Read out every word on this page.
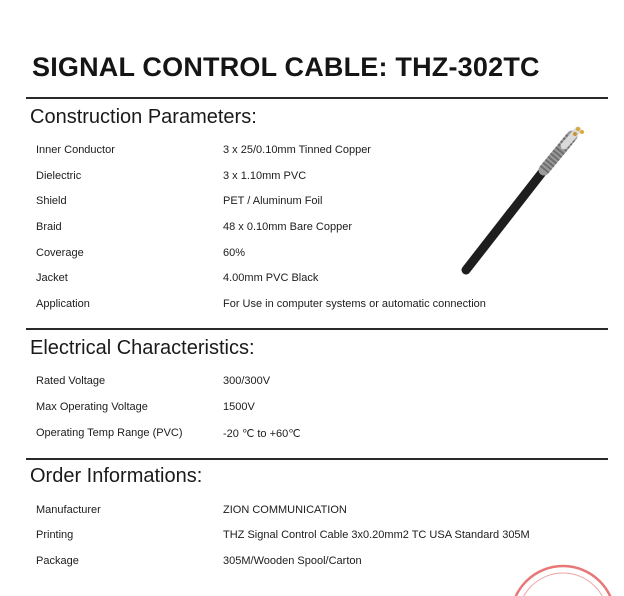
SIGNAL CONTROL CABLE: THZ-302TC
Construction Parameters:
Inner Conductor	3 x 25/0.10mm Tinned Copper
Dielectric	3 x 1.10mm PVC
Shield	PET / Aluminum Foil
Braid	48 x 0.10mm Bare Copper
Coverage	60%
Jacket	4.00mm PVC Black
Application	For Use in computer systems or automatic connection
Electrical Characteristics:
Rated Voltage	300/300V
Max Operating Voltage	1500V
Operating Temp Range (PVC)	-20 ℃ to +60℃
Order Informations:
Manufacturer	ZION COMMUNICATION
Printing	THZ Signal Control Cable 3x0.20mm2 TC USA Standard 305M
Package	305M/Wooden Spool/Carton
